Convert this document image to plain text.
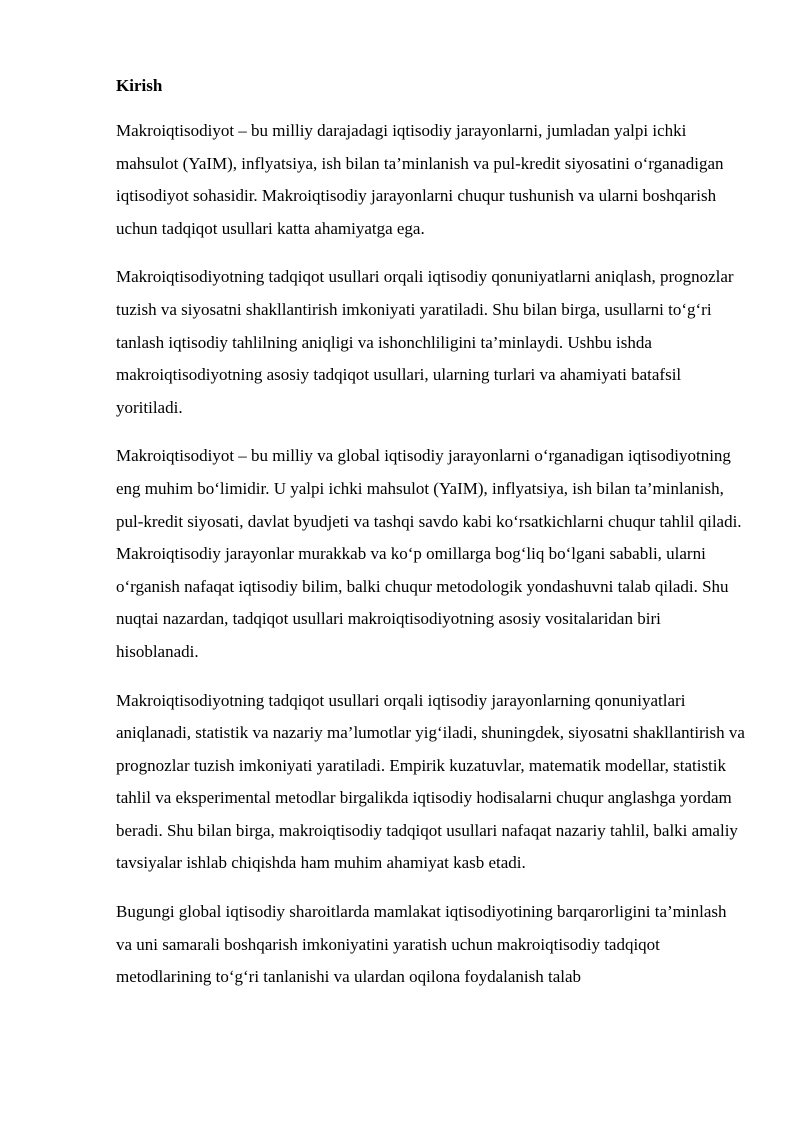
Kirish

Makroiqtisodiyot – bu milliy darajadagi iqtisodiy jarayonlarni, jumladan yalpi ichki mahsulot (YaIM), inflyatsiya, ish bilan ta’minlanish va pul-kredit siyosatini o‘rganadigan iqtisodiyot sohasidir. Makroiqtisodiy jarayonlarni chuqur tushunish va ularni boshqarish uchun tadqiqot usullari katta ahamiyatga ega.

Makroiqtisodiyotning tadqiqot usullari orqali iqtisodiy qonuniyatlarni aniqlash, prognozlar tuzish va siyosatni shakllantirish imkoniyati yaratiladi. Shu bilan birga, usullarni to‘g‘ri tanlash iqtisodiy tahlilning aniqligi va ishonchliligini ta’minlaydi. Ushbu ishda makroiqtisodiyotning asosiy tadqiqot usullari, ularning turlari va ahamiyati batafsil yoritiladi.

Makroiqtisodiyot – bu milliy va global iqtisodiy jarayonlarni o‘rganadigan iqtisodiyotning eng muhim bo‘limidir. U yalpi ichki mahsulot (YaIM), inflyatsiya, ish bilan ta’minlanish, pul-kredit siyosati, davlat byudjeti va tashqi savdo kabi ko‘rsatkichlarni chuqur tahlil qiladi. Makroiqtisodiy jarayonlar murakkab va ko‘p omillarga bog‘liq bo‘lgani sababli, ularni o‘rganish nafaqat iqtisodiy bilim, balki chuqur metodologik yondashuvni talab qiladi. Shu nuqtai nazardan, tadqiqot usullari makroiqtisodiyotning asosiy vositalaridan biri hisoblanadi.

Makroiqtisodiyotning tadqiqot usullari orqali iqtisodiy jarayonlarning qonuniyatlari aniqlanadi, statistik va nazariy ma’lumotlar yig‘iladi, shuningdek, siyosatni shakllantirish va prognozlar tuzish imkoniyati yaratiladi. Empirik kuzatuvlar, matematik modellar, statistik tahlil va eksperimental metodlar birgalikda iqtisodiy hodisalarni chuqur anglashga yordam beradi. Shu bilan birga, makroiqtisodiy tadqiqot usullari nafaqat nazariy tahlil, balki amaliy tavsiyalar ishlab chiqishda ham muhim ahamiyat kasb etadi.

Bugungi global iqtisodiy sharoitlarda mamlakat iqtisodiyotining barqarorligini ta’minlash va uni samarali boshqarish imkoniyatini yaratish uchun makroiqtisodiy tadqiqot metodlarining to‘g‘ri tanlanishi va ulardan oqilona foydalanish talab
